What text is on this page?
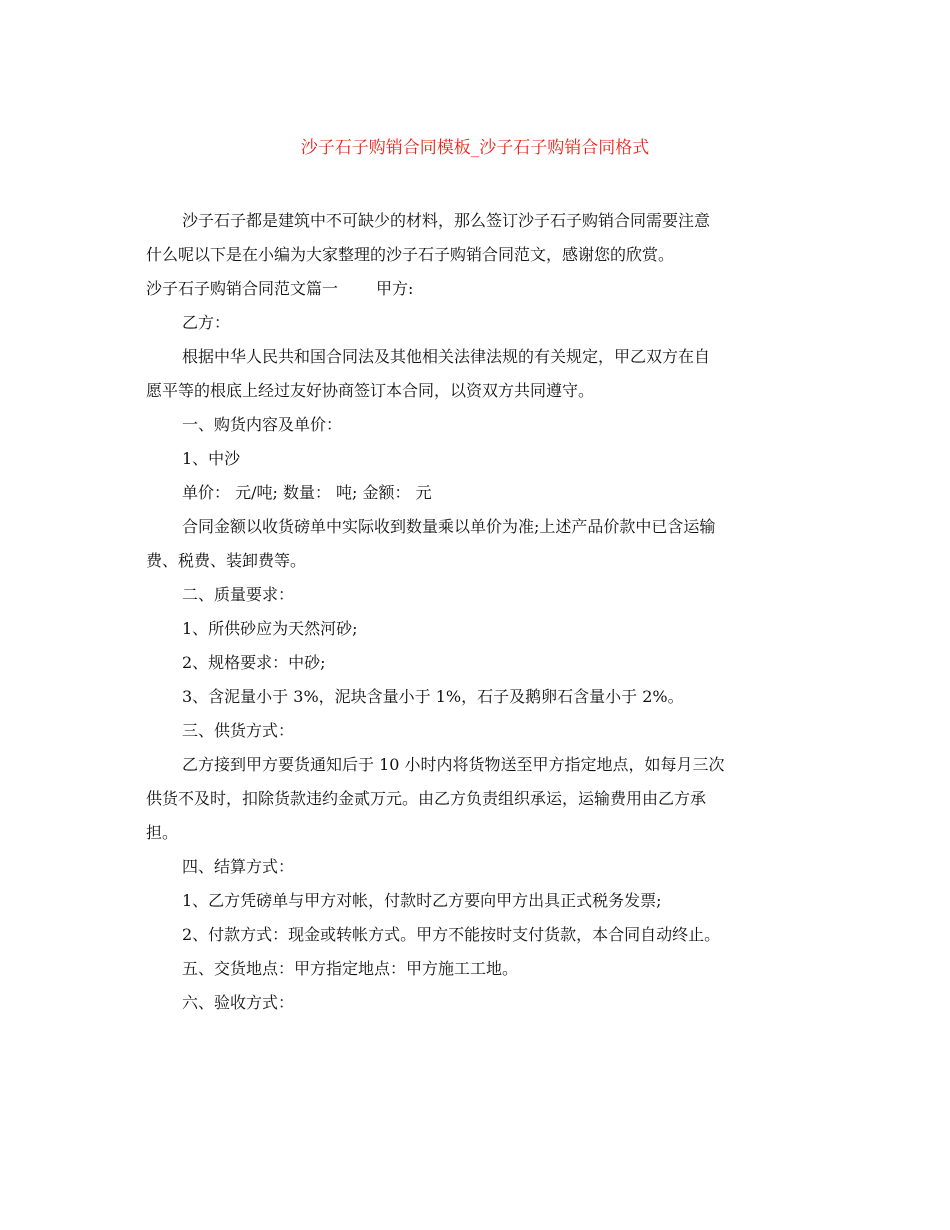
沙子石子购销合同模板_沙子石子购销合同格式

沙子石子都是建筑中不可缺少的材料，那么签订沙子石子购销合同需要注意

什么呢以下是在小编为大家整理的沙子石子购销合同范文，感谢您的欣赏。

沙子石子购销合同范文篇一 甲方:

乙方：

根据中华人民共和国合同法及其他相关法律法规的有关规定，甲乙双方在自

愿平等的根底上经过友好协商签订本合同，以资双方共同遵守。

一、购货内容及单价：

1、中沙

单价： 元/吨; 数量： 吨; 金额： 元

合同金额以收货磅单中实际收到数量乘以单价为准;上述产品价款中已含运输

费、税费、装卸费等。

二、质量要求：

1、所供砂应为天然河砂;

2、规格要求：中砂;

3、含泥量小于 3%，泥块含量小于 1%，石子及鹅卵石含量小于 2%。

三、供货方式：

乙方接到甲方要货通知后于 10 小时内将货物送至甲方指定地点，如每月三次

供货不及时，扣除货款违约金贰万元。由乙方负责组织承运，运输费用由乙方承

担。

四、结算方式：

1、乙方凭磅单与甲方对帐，付款时乙方要向甲方出具正式税务发票;

2、付款方式：现金或转帐方式。甲方不能按时支付货款，本合同自动终止。

五、交货地点：甲方指定地点：甲方施工工地。

六、验收方式：
